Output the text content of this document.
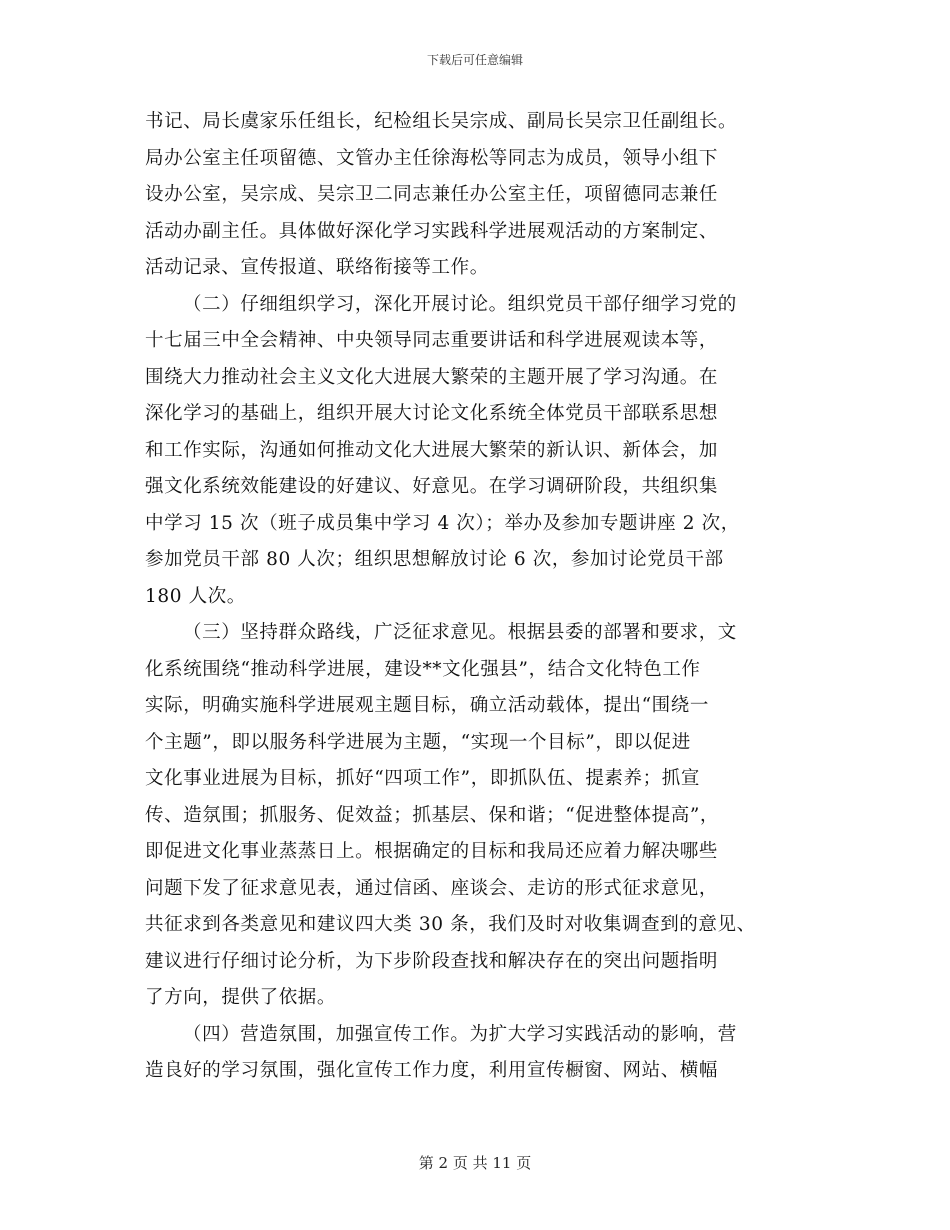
下载后可任意编辑
书记、局长虞家乐任组长，纪检组长吴宗成、副局长吴宗卫任副组长。
局办公室主任项留德、文管办主任徐海松等同志为成员，领导小组下
设办公室，吴宗成、吴宗卫二同志兼任办公室主任，项留德同志兼任
活动办副主任。具体做好深化学习实践科学进展观活动的方案制定、
活动记录、宣传报道、联络衔接等工作。
（二）仔细组织学习，深化开展讨论。组织党员干部仔细学习党的
十七届三中全会精神、中央领导同志重要讲话和科学进展观读本等，
围绕大力推动社会主义文化大进展大繁荣的主题开展了学习沟通。在
深化学习的基础上，组织开展大讨论文化系统全体党员干部联系思想
和工作实际，沟通如何推动文化大进展大繁荣的新认识、新体会，加
强文化系统效能建设的好建议、好意见。在学习调研阶段，共组织集
中学习 15 次（班子成员集中学习 4 次）；举办及参加专题讲座 2 次，
参加党员干部 80 人次；组织思想解放讨论 6 次，参加讨论党员干部
180 人次。
（三）坚持群众路线，广泛征求意见。根据县委的部署和要求，文
化系统围绕“推动科学进展，建设**文化强县”，结合文化特色工作
实际，明确实施科学进展观主题目标，确立活动载体，提出“围绕一
个主题”，即以服务科学进展为主题，“实现一个目标”，即以促进
文化事业进展为目标，抓好“四项工作”，即抓队伍、提素养；抓宣
传、造氛围；抓服务、促效益；抓基层、保和谐；“促进整体提高”，
即促进文化事业蒸蒸日上。根据确定的目标和我局还应着力解决哪些
问题下发了征求意见表，通过信函、座谈会、走访的形式征求意见，
共征求到各类意见和建议四大类 30 条，我们及时对收集调查到的意见、
建议进行仔细讨论分析，为下步阶段查找和解决存在的突出问题指明
了方向，提供了依据。
（四）营造氛围，加强宣传工作。为扩大学习实践活动的影响，营
造良好的学习氛围，强化宣传工作力度，利用宣传橱窗、网站、横幅
第 2 页 共 11 页
